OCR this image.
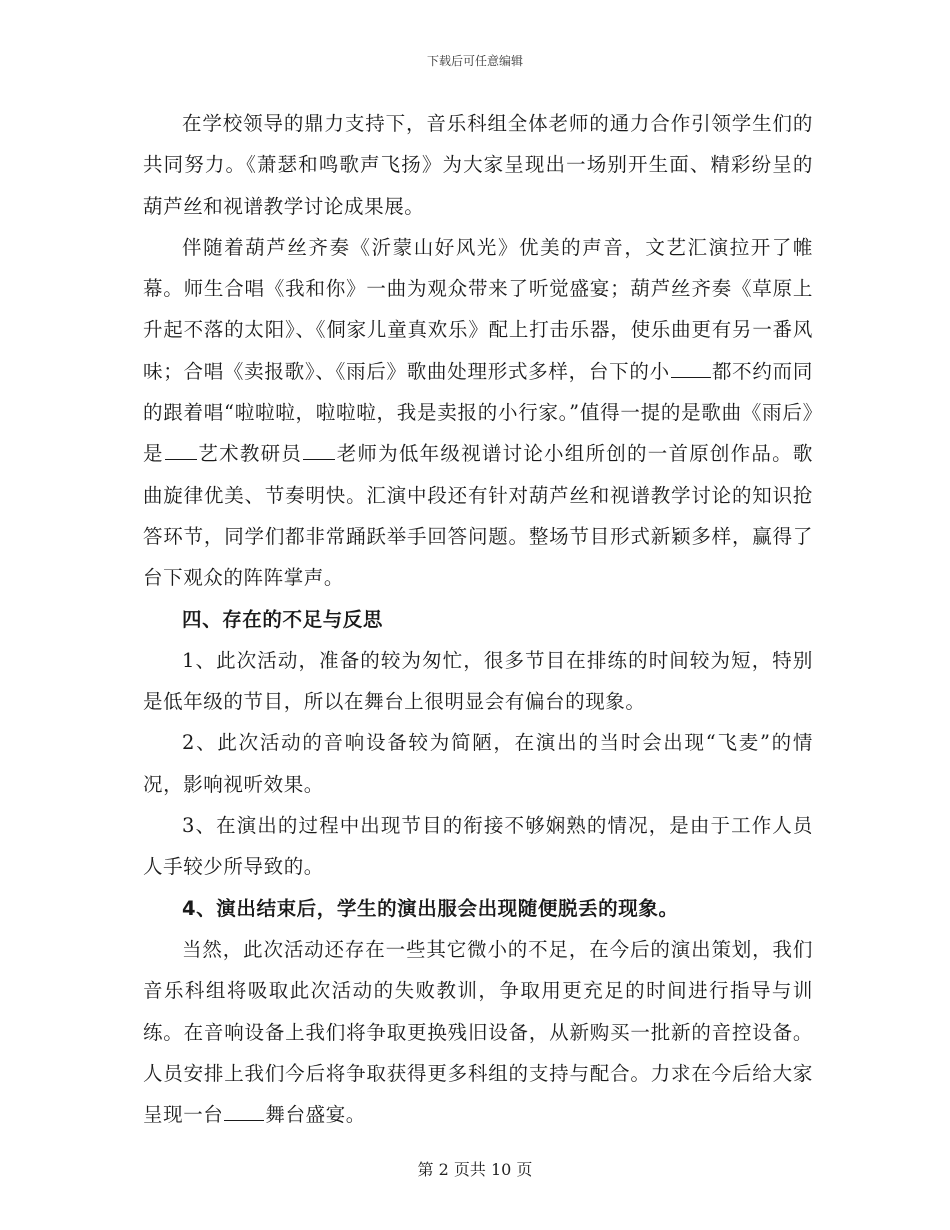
下载后可任意编辑

在学校领导的鼎力支持下，音乐科组全体老师的通力合作引领学生们的共同努力。《萧瑟和鸣歌声飞扬》为大家呈现出一场别开生面、精彩纷呈的葫芦丝和视谱教学讨论成果展。

伴随着葫芦丝齐奏《沂蒙山好风光》优美的声音，文艺汇演拉开了帷幕。师生合唱《我和你》一曲为观众带来了听觉盛宴；葫芦丝齐奏《草原上升起不落的太阳》、《侗家儿童真欢乐》配上打击乐器，使乐曲更有另一番风味；合唱《卖报歌》、《雨后》歌曲处理形式多样，台下的小 都不约而同的跟着唱“啦啦啦，啦啦啦，我是卖报的小行家。”值得一提的是歌曲《雨后》是 艺术教研员 老师为低年级视谱讨论小组所创的一首原创作品。歌曲旋律优美、节奏明快。汇演中段还有针对葫芦丝和视谱教学讨论的知识抢答环节，同学们都非常踊跃举手回答问题。整场节目形式新颖多样，赢得了台下观众的阵阵掌声。

四、存在的不足与反思

1、此次活动，准备的较为匆忙，很多节目在排练的时间较为短，特别是低年级的节目，所以在舞台上很明显会有偏台的现象。

2、此次活动的音响设备较为简陋，在演出的当时会出现“飞麦”的情况，影响视听效果。

3、在演出的过程中出现节目的衔接不够娴熟的情况，是由于工作人员人手较少所导致的。

4、演出结束后，学生的演出服会出现随便脱丢的现象。

当然，此次活动还存在一些其它微小的不足，在今后的演出策划，我们音乐科组将吸取此次活动的失败教训，争取用更充足的时间进行指导与训练。在音响设备上我们将争取更换残旧设备，从新购买一批新的音控设备。人员安排上我们今后将争取获得更多科组的支持与配合。力求在今后给大家呈现一台 舞台盛宴。

第 2 页共 10 页
